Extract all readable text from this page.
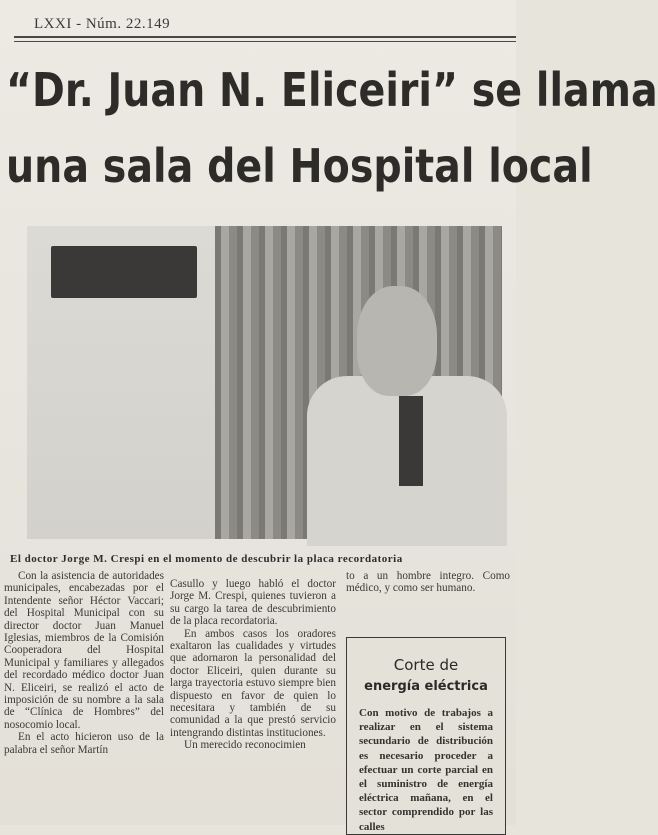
LXXI - Núm. 22.149
“Dr. Juan N. Eliceiri” se llama
una sala del Hospital local
El doctor Jorge M. Crespi en el momento de descubrir la placa recordatoria

Con la asistencia de autoridades municipales, encabezadas por el Intendente señor Héctor Vaccari; del Hospital Municipal con su director doctor Juan Manuel Iglesias, miembros de la Comisión Cooperadora del Hospital Municipal y familiares y allegados del recordado médico doctor Juan N. Eliceiri, se realizó el acto de imposición de su nombre a la sala de “Clínica de Hombres” del nosocomio local.

En el acto hicieron uso de la palabra el señor Martín

Casullo y luego habló el doctor Jorge M. Crespi, quienes tuvieron a su cargo la tarea de descubrimiento de la placa recordatoria.

En ambos casos los oradores exaltaron las cualidades y virtudes que adornaron la personalidad del doctor Eliceiri, quien durante su larga trayectoria estuvo siempre bien dispuesto en favor de quien lo necesitara y también de su comunidad a la que prestó servicio intengrando distintas instituciones.

Un merecido reconocimien

to a un hombre integro. Como médico, y como ser humano.

Corte de
energía eléctrica
Con motivo de trabajos a realizar en el sistema secundario de distribución es necesario proceder a efectuar un corte parcial en el suministro de energía eléctrica mañana, en el sector comprendido por las calles
